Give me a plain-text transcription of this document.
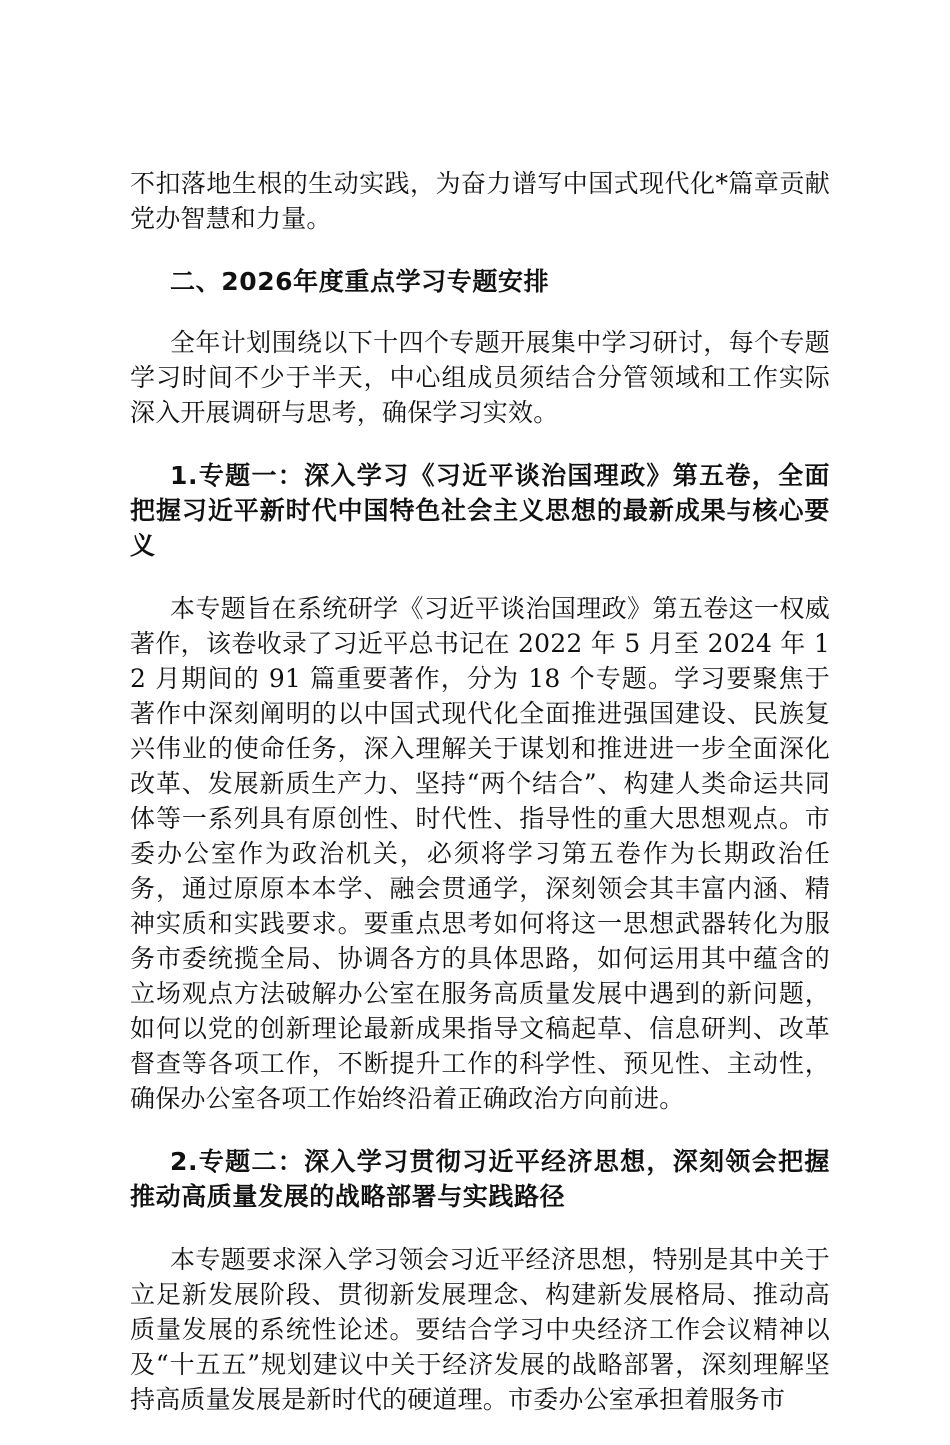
不扣落地生根的生动实践，为奋力谱写中国式现代化*篇章贡献党办智慧和力量。

二、2026年度重点学习专题安排

全年计划围绕以下十四个专题开展集中学习研讨，每个专题学习时间不少于半天，中心组成员须结合分管领域和工作实际深入开展调研与思考，确保学习实效。

1.专题一：深入学习《习近平谈治国理政》第五卷，全面把握习近平新时代中国特色社会主义思想的最新成果与核心要义

本专题旨在系统研学《习近平谈治国理政》第五卷这一权威著作，该卷收录了习近平总书记在 2022 年 5 月至 2024 年 12 月期间的 91 篇重要著作，分为 18 个专题。学习要聚焦于著作中深刻阐明的以中国式现代化全面推进强国建设、民族复兴伟业的使命任务，深入理解关于谋划和推进进一步全面深化改革、发展新质生产力、坚持“两个结合”、构建人类命运共同体等一系列具有原创性、时代性、指导性的重大思想观点。市委办公室作为政治机关，必须将学习第五卷作为长期政治任务，通过原原本本学、融会贯通学，深刻领会其丰富内涵、精神实质和实践要求。要重点思考如何将这一思想武器转化为服务市委统揽全局、协调各方的具体思路，如何运用其中蕴含的立场观点方法破解办公室在服务高质量发展中遇到的新问题，如何以党的创新理论最新成果指导文稿起草、信息研判、改革督查等各项工作，不断提升工作的科学性、预见性、主动性，确保办公室各项工作始终沿着正确政治方向前进。

2.专题二：深入学习贯彻习近平经济思想，深刻领会把握推动高质量发展的战略部署与实践路径

本专题要求深入学习领会习近平经济思想，特别是其中关于立足新发展阶段、贯彻新发展理念、构建新发展格局、推动高质量发展的系统性论述。要结合学习中央经济工作会议精神以及“十五五”规划建议中关于经济发展的战略部署，深刻理解坚持高质量发展是新时代的硬道理。市委办公室承担着服务市
